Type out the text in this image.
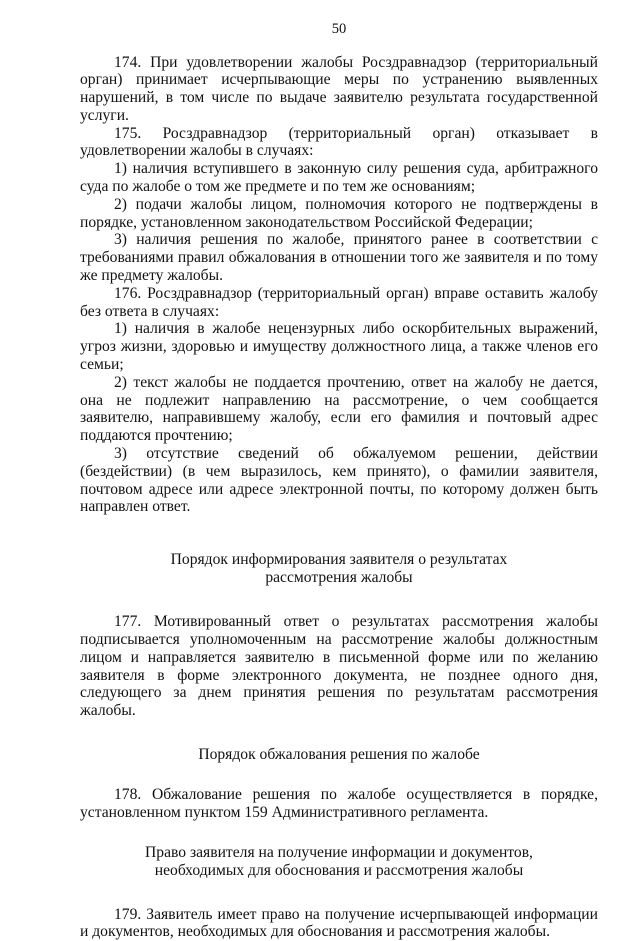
50

174. При удовлетворении жалобы Росздравнадзор (территориальный орган) принимает исчерпывающие меры по устранению выявленных нарушений, в том числе по выдаче заявителю результата государственной услуги.

175. Росздравнадзор (территориальный орган) отказывает в удовлетворении жалобы в случаях:

1) наличия вступившего в законную силу решения суда, арбитражного суда по жалобе о том же предмете и по тем же основаниям;

2) подачи жалобы лицом, полномочия которого не подтверждены в порядке, установленном законодательством Российской Федерации;

3) наличия решения по жалобе, принятого ранее в соответствии с требованиями правил обжалования в отношении того же заявителя и по тому же предмету жалобы.

176. Росздравнадзор (территориальный орган) вправе оставить жалобу без ответа в случаях:

1) наличия в жалобе нецензурных либо оскорбительных выражений, угроз жизни, здоровью и имуществу должностного лица, а также членов его семьи;

2) текст жалобы не поддается прочтению, ответ на жалобу не дается, она не подлежит направлению на рассмотрение, о чем сообщается заявителю, направившему жалобу, если его фамилия и почтовый адрес поддаются прочтению;

3) отсутствие сведений об обжалуемом решении, действии (бездействии) (в чем выразилось, кем принято), о фамилии заявителя, почтовом адресе или адресе электронной почты, по которому должен быть направлен ответ.

Порядок информирования заявителя о результатах
рассмотрения жалобы

177. Мотивированный ответ о результатах рассмотрения жалобы подписывается уполномоченным на рассмотрение жалобы должностным лицом и направляется заявителю в письменной форме или по желанию заявителя в форме электронного документа, не позднее одного дня, следующего за днем принятия решения по результатам рассмотрения жалобы.

Порядок обжалования решения по жалобе

178. Обжалование решения по жалобе осуществляется в порядке, установленном пунктом 159 Административного регламента.

Право заявителя на получение информации и документов,
необходимых для обоснования и рассмотрения жалобы

179. Заявитель имеет право на получение исчерпывающей информации и документов, необходимых для обоснования и рассмотрения жалобы.
